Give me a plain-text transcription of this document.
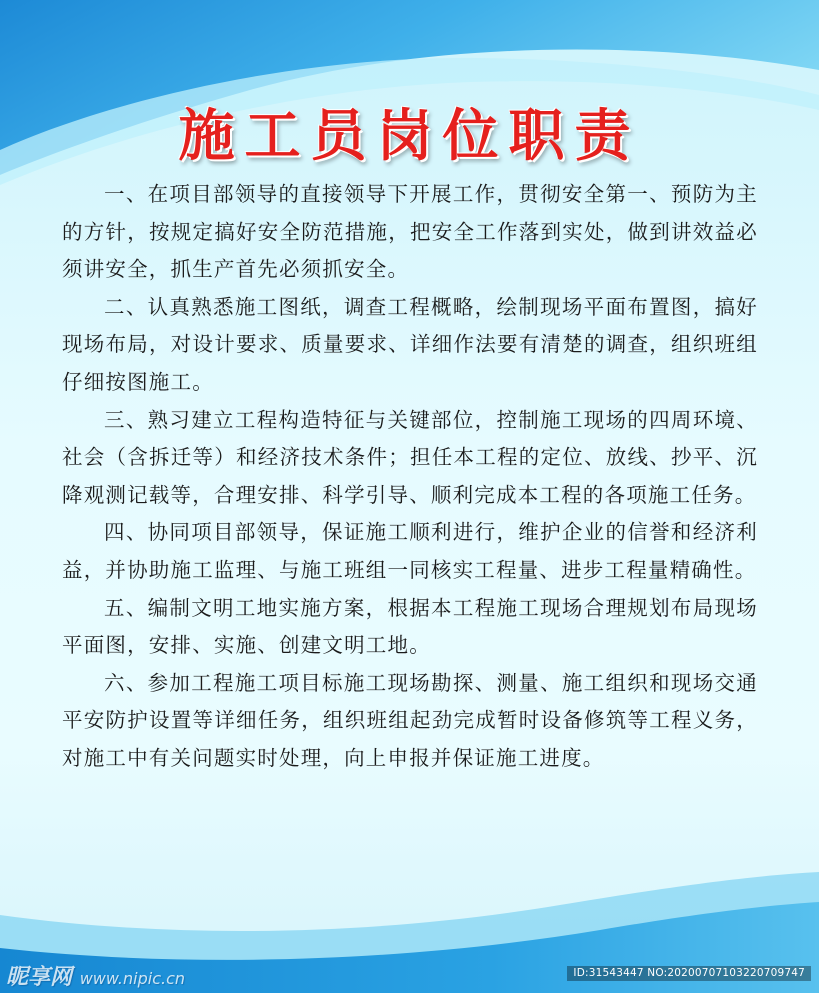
施工员岗位职责

一、在项目部领导的直接领导下开展工作，贯彻安全第一、预防为主的方针，按规定搞好安全防范措施，把安全工作落到实处，做到讲效益必须讲安全，抓生产首先必须抓安全。

二、认真熟悉施工图纸，调查工程概略，绘制现场平面布置图，搞好现场布局，对设计要求、质量要求、详细作法要有清楚的调查，组织班组仔细按图施工。

三、熟习建立工程构造特征与关键部位，控制施工现场的四周环境、社会（含拆迁等）和经济技术条件；担任本工程的定位、放线、抄平、沉降观测记载等，合理安排、科学引导、顺利完成本工程的各项施工任务。

四、协同项目部领导，保证施工顺利进行，维护企业的信誉和经济利益，并协助施工监理、与施工班组一同核实工程量、进步工程量精确性。

五、编制文明工地实施方案，根据本工程施工现场合理规划布局现场平面图，安排、实施、创建文明工地。

六、参加工程施工项目标施工现场勘探、测量、施工组织和现场交通平安防护设置等详细任务，组织班组起劲完成暂时设备修筑等工程义务，对施工中有关问题实时处理，向上申报并保证施工进度。

昵享网 www.nipic.cn	ID:31543447 NO:20200707103220709747
